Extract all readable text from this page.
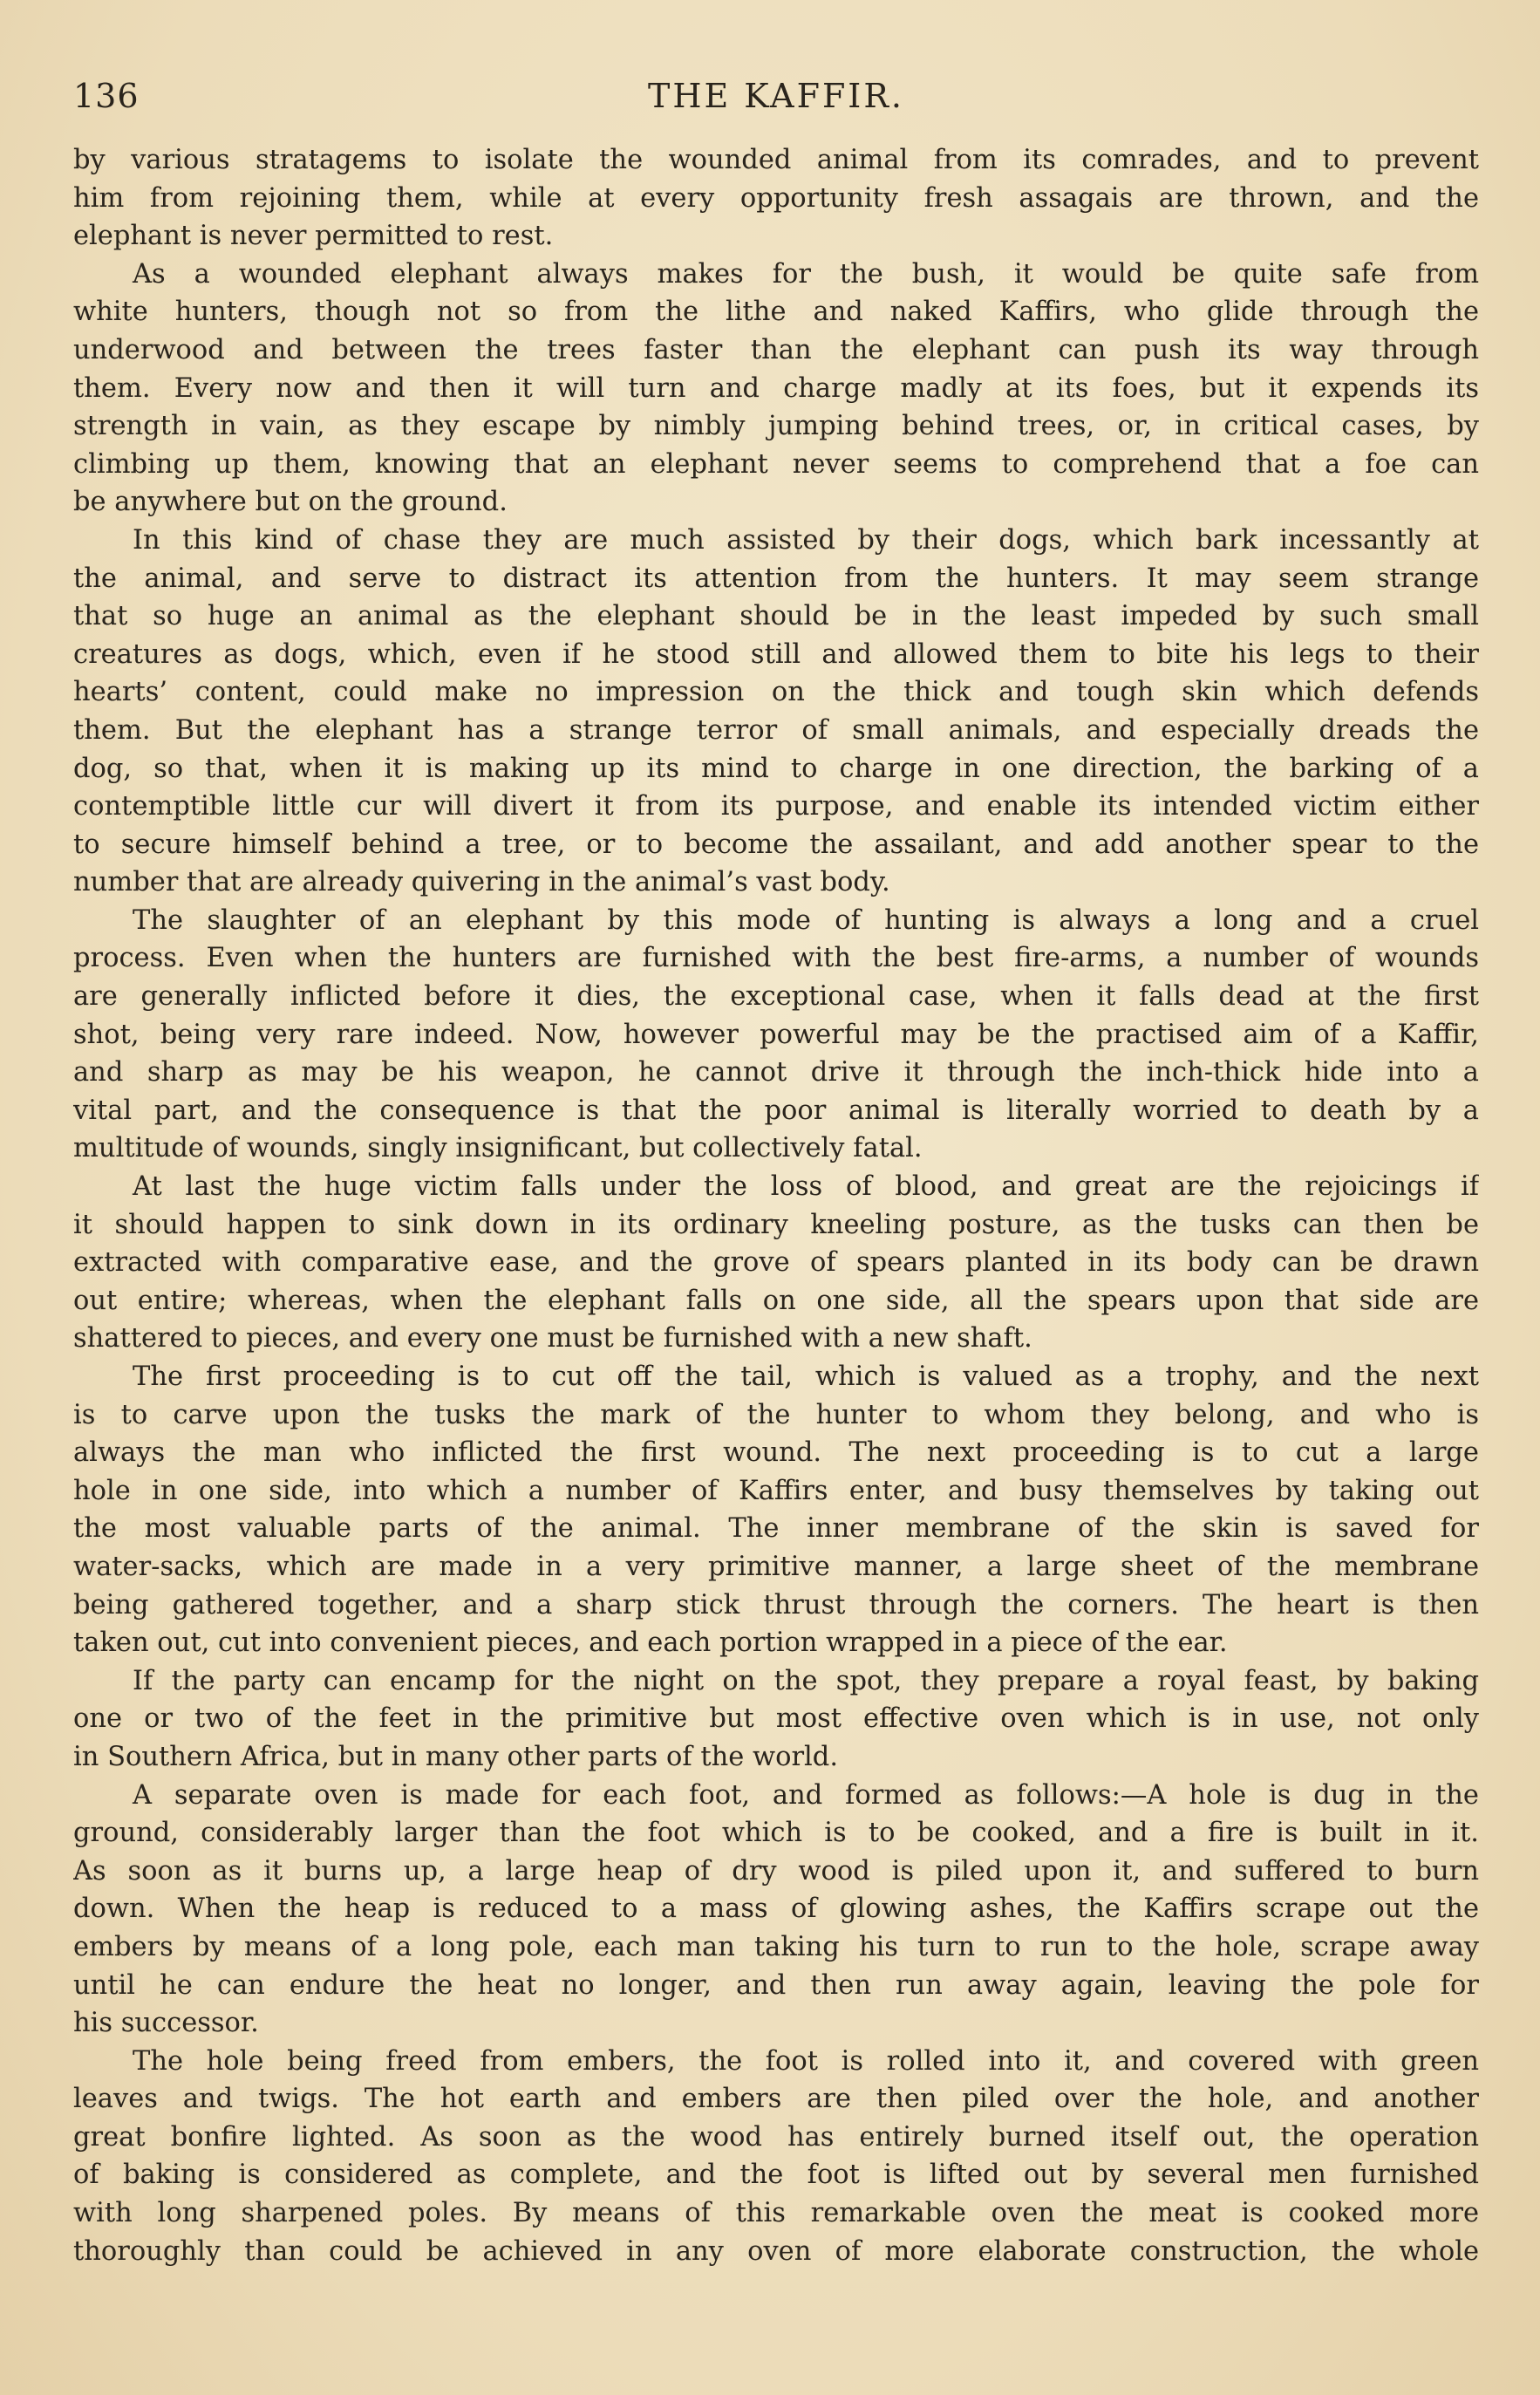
136	THE KAFFIR.
by various stratagems to isolate the wounded animal from its comrades, and to prevent
him from rejoining them, while at every opportunity fresh assagais are thrown, and the
elephant is never permitted to rest.
As a wounded elephant always makes for the bush, it would be quite safe from
white hunters, though not so from the lithe and naked Kaffirs, who glide through the
underwood and between the trees faster than the elephant can push its way through
them. Every now and then it will turn and charge madly at its foes, but it expends its
strength in vain, as they escape by nimbly jumping behind trees, or, in critical cases, by
climbing up them, knowing that an elephant never seems to comprehend that a foe can
be anywhere but on the ground.
In this kind of chase they are much assisted by their dogs, which bark incessantly at
the animal, and serve to distract its attention from the hunters. It may seem strange
that so huge an animal as the elephant should be in the least impeded by such small
creatures as dogs, which, even if he stood still and allowed them to bite his legs to their
hearts’ content, could make no impression on the thick and tough skin which defends
them. But the elephant has a strange terror of small animals, and especially dreads the
dog, so that, when it is making up its mind to charge in one direction, the barking of a
contemptible little cur will divert it from its purpose, and enable its intended victim either
to secure himself behind a tree, or to become the assailant, and add another spear to the
number that are already quivering in the animal’s vast body.
The slaughter of an elephant by this mode of hunting is always a long and a cruel
process. Even when the hunters are furnished with the best fire-arms, a number of wounds
are generally inflicted before it dies, the exceptional case, when it falls dead at the first
shot, being very rare indeed. Now, however powerful may be the practised aim of a Kaffir,
and sharp as may be his weapon, he cannot drive it through the inch-thick hide into a
vital part, and the consequence is that the poor animal is literally worried to death by a
multitude of wounds, singly insignificant, but collectively fatal.
At last the huge victim falls under the loss of blood, and great are the rejoicings if
it should happen to sink down in its ordinary kneeling posture, as the tusks can then be
extracted with comparative ease, and the grove of spears planted in its body can be drawn
out entire; whereas, when the elephant falls on one side, all the spears upon that side are
shattered to pieces, and every one must be furnished with a new shaft.
The first proceeding is to cut off the tail, which is valued as a trophy, and the next
is to carve upon the tusks the mark of the hunter to whom they belong, and who is
always the man who inflicted the first wound. The next proceeding is to cut a large
hole in one side, into which a number of Kaffirs enter, and busy themselves by taking out
the most valuable parts of the animal. The inner membrane of the skin is saved for
water-sacks, which are made in a very primitive manner, a large sheet of the membrane
being gathered together, and a sharp stick thrust through the corners. The heart is then
taken out, cut into convenient pieces, and each portion wrapped in a piece of the ear.
If the party can encamp for the night on the spot, they prepare a royal feast, by baking
one or two of the feet in the primitive but most effective oven which is in use, not only
in Southern Africa, but in many other parts of the world.
A separate oven is made for each foot, and formed as follows:—A hole is dug in the
ground, considerably larger than the foot which is to be cooked, and a fire is built in it.
As soon as it burns up, a large heap of dry wood is piled upon it, and suffered to burn
down. When the heap is reduced to a mass of glowing ashes, the Kaffirs scrape out the
embers by means of a long pole, each man taking his turn to run to the hole, scrape away
until he can endure the heat no longer, and then run away again, leaving the pole for
his successor.
The hole being freed from embers, the foot is rolled into it, and covered with green
leaves and twigs. The hot earth and embers are then piled over the hole, and another
great bonfire lighted. As soon as the wood has entirely burned itself out, the operation
of baking is considered as complete, and the foot is lifted out by several men furnished
with long sharpened poles. By means of this remarkable oven the meat is cooked more
thoroughly than could be achieved in any oven of more elaborate construction, the whole
